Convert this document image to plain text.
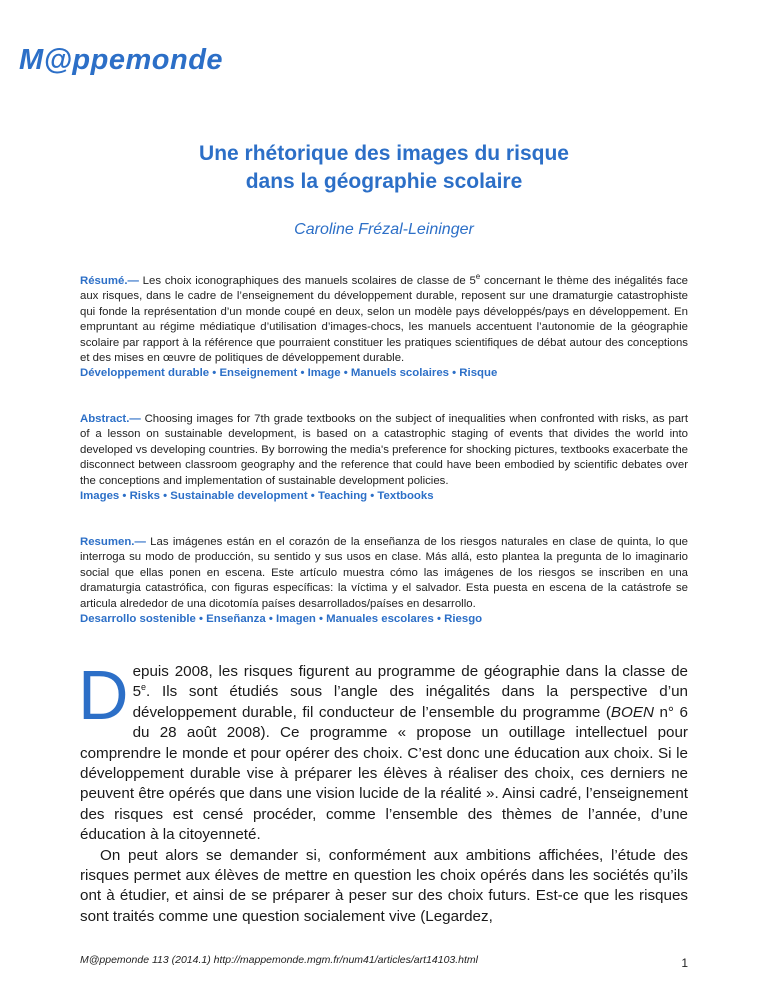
M@ppemonde

Une rhétorique des images du risque
dans la géographie scolaire

Caroline Frézal-Leininger

Résumé.— Les choix iconographiques des manuels scolaires de classe de 5e concernant le thème des inégalités face aux risques, dans le cadre de l’enseignement du développement durable, reposent sur une dramaturgie catastrophiste qui fonde la représentation d’un monde coupé en deux, selon un modèle pays développés/pays en développement. En empruntant au régime médiatique d’utilisation d’images-chocs, les manuels accentuent l’autonomie de la géographie scolaire par rapport à la référence que pourraient constituer les pratiques scientifiques de débat autour des conceptions et des mises en œuvre de politiques de développement durable.
Développement durable • Enseignement • Image • Manuels scolaires • Risque

Abstract.— Choosing images for 7th grade textbooks on the subject of inequalities when confronted with risks, as part of a lesson on sustainable development, is based on a catastrophic staging of events that divides the world into developed vs developing countries. By borrowing the media's preference for shocking pictures, textbooks exacerbate the disconnect between classroom geography and the reference that could have been embodied by scientific debates over the conceptions and implementation of sustainable development policies.
Images • Risks • Sustainable development • Teaching • Textbooks

Resumen.— Las imágenes están en el corazón de la enseñanza de los riesgos naturales en clase de quinta, lo que interroga su modo de producción, su sentido y sus usos en clase. Más allá, esto plantea la pregunta de lo imaginario social que ellas ponen en escena. Este artículo muestra cómo las imágenes de los riesgos se inscriben en una dramaturgia catastrófica, con figuras específicas: la víctima y el salvador. Esta puesta en escena de la catástrofe se articula alrededor de una dicotomía países desarrollados/países en desarrollo.
Desarrollo sostenible • Enseñanza • Imagen • Manuales escolares • Riesgo

Depuis 2008, les risques figurent au programme de géographie dans la classe de 5e. Ils sont étudiés sous l’angle des inégalités dans la perspective d’un développement durable, fil conducteur de l’ensemble du programme (BOEN n° 6 du 28 août 2008). Ce programme « propose un outillage intellectuel pour comprendre le monde et pour opérer des choix. C’est donc une éducation aux choix. Si le développement durable vise à préparer les élèves à réaliser des choix, ces derniers ne peuvent être opérés que dans une vision lucide de la réalité ». Ainsi cadré, l’enseignement des risques est censé procéder, comme l’ensemble des thèmes de l’année, d’une éducation à la citoyenneté.

On peut alors se demander si, conformément aux ambitions affichées, l’étude des risques permet aux élèves de mettre en question les choix opérés dans les sociétés qu’ils ont à étudier, et ainsi de se préparer à peser sur des choix futurs. Est-ce que les risques sont traités comme une question socialement vive (Legardez,

M@ppemonde 113 (2014.1) http://mappemonde.mgm.fr/num41/articles/art14103.html	1
